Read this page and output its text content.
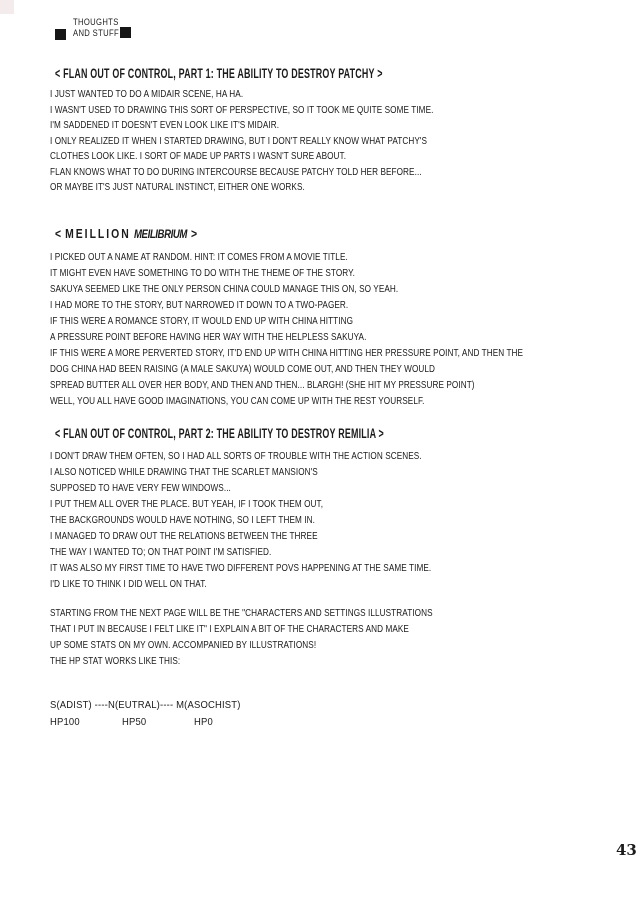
THOUGHTS
AND STUFF
< FLAN OUT OF CONTROL, PART 1: THE ABILITY TO DESTROY PATCHY >
I JUST WANTED TO DO A MIDAIR SCENE, HA HA.
I WASN'T USED TO DRAWING THIS SORT OF PERSPECTIVE, SO IT TOOK ME QUITE SOME TIME.
I'M SADDENED IT DOESN'T EVEN LOOK LIKE IT'S MIDAIR.
I ONLY REALIZED IT WHEN I STARTED DRAWING, BUT I DON'T REALLY KNOW WHAT PATCHY'S
CLOTHES LOOK LIKE. I SORT OF MADE UP PARTS I WASN'T SURE ABOUT.
FLAN KNOWS WHAT TO DO DURING INTERCOURSE BECAUSE PATCHY TOLD HER BEFORE...
OR MAYBE IT'S JUST NATURAL INSTINCT, EITHER ONE WORKS.
< MEILLION MEILIBRIUM >
I PICKED OUT A NAME AT RANDOM. HINT: IT COMES FROM A MOVIE TITLE.
IT MIGHT EVEN HAVE SOMETHING TO DO WITH THE THEME OF THE STORY.
SAKUYA SEEMED LIKE THE ONLY PERSON CHINA COULD MANAGE THIS ON, SO YEAH.
I HAD MORE TO THE STORY, BUT NARROWED IT DOWN TO A TWO-PAGER.
IF THIS WERE A ROMANCE STORY, IT WOULD END UP WITH CHINA HITTING
A PRESSURE POINT BEFORE HAVING HER WAY WITH THE HELPLESS SAKUYA.
IF THIS WERE A MORE PERVERTED STORY, IT'D END UP WITH CHINA HITTING HER PRESSURE POINT, AND THEN THE
DOG CHINA HAD BEEN RAISING (A MALE SAKUYA) WOULD COME OUT, AND THEN THEY WOULD
SPREAD BUTTER ALL OVER HER BODY, AND THEN AND THEN... BLARGH! (SHE HIT MY PRESSURE POINT)
WELL, YOU ALL HAVE GOOD IMAGINATIONS, YOU CAN COME UP WITH THE REST YOURSELF.
< FLAN OUT OF CONTROL, PART 2: THE ABILITY TO DESTROY REMILIA >
I DON'T DRAW THEM OFTEN, SO I HAD ALL SORTS OF TROUBLE WITH THE ACTION SCENES.
I ALSO NOTICED WHILE DRAWING THAT THE SCARLET MANSION'S
SUPPOSED TO HAVE VERY FEW WINDOWS...
I PUT THEM ALL OVER THE PLACE. BUT YEAH, IF I TOOK THEM OUT,
THE BACKGROUNDS WOULD HAVE NOTHING, SO I LEFT THEM IN.
I MANAGED TO DRAW OUT THE RELATIONS BETWEEN THE THREE
THE WAY I WANTED TO; ON THAT POINT I'M SATISFIED.
IT WAS ALSO MY FIRST TIME TO HAVE TWO DIFFERENT POVS HAPPENING AT THE SAME TIME.
I'D LIKE TO THINK I DID WELL ON THAT.
STARTING FROM THE NEXT PAGE WILL BE THE "CHARACTERS AND SETTINGS ILLUSTRATIONS
THAT I PUT IN BECAUSE I FELT LIKE IT" I EXPLAIN A BIT OF THE CHARACTERS AND MAKE
UP SOME STATS ON MY OWN. ACCOMPANIED BY ILLUSTRATIONS!
THE HP STAT WORKS LIKE THIS:
S(ADIST) ----N(EUTRAL)---- M(ASOCHIST)
HP100	HP50	HP0
43
